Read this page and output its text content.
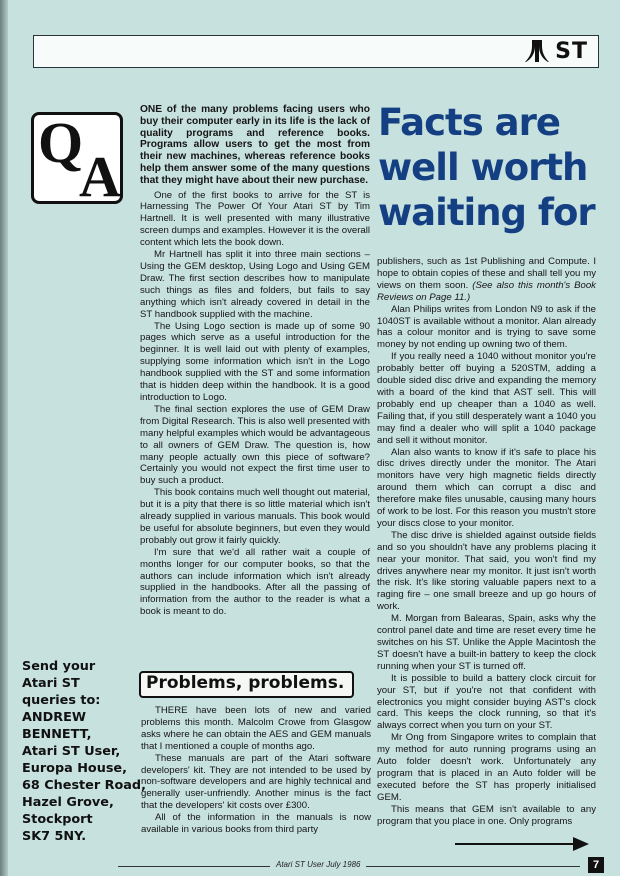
ST
Q
A

ONE of the many problems facing users who buy their computer early in its life is the lack of quality programs and reference books. Programs allow users to get the most from their new machines, whereas reference books help them answer some of the many questions that they might have about their new purchase.

One of the first books to arrive for the ST is Harnessing The Power Of Your Atari ST by Tim Hartnell. It is well presented with many illustrative screen dumps and examples. However it is the overall content which lets the book down.

Mr Hartnell has split it into three main sections – Using the GEM desktop, Using Logo and Using GEM Draw. The first section describes how to manipulate such things as files and folders, but fails to say anything which isn't already covered in detail in the ST handbook supplied with the machine.

The Using Logo section is made up of some 90 pages which serve as a useful introduction for the beginner. It is well laid out with plenty of examples, supplying some information which isn't in the Logo handbook supplied with the ST and some information that is hidden deep within the handbook. It is a good introduction to Logo.

The final section explores the use of GEM Draw from Digital Research. This is also well presented with many helpful examples which would be advantageous to all owners of GEM Draw. The question is, how many people actually own this piece of software? Certainly you would not expect the first time user to buy such a product.

This book contains much well thought out material, but it is a pity that there is so little material which isn't already supplied in various manuals. This book would be useful for absolute beginners, but even they would probably out grow it fairly quickly.

I'm sure that we'd all rather wait a couple of months longer for our computer books, so that the authors can include information which isn't already supplied in the handbooks. After all the passing of information from the author to the reader is what a book is meant to do.

Facts are
well worth
waiting for
Problems, problems.

THERE have been lots of new and varied problems this month. Malcolm Crowe from Glasgow asks where he can obtain the AES and GEM manuals that I mentioned a couple of months ago.

These manuals are part of the Atari software developers' kit. They are not intended to be used by non-software developers and are highly technical and generally user-unfriendly. Another minus is the fact that the developers' kit costs over £300.

All of the information in the manuals is now available in various books from third party

publishers, such as 1st Publishing and Compute. I hope to obtain copies of these and shall tell you my views on them soon. (See also this month's Book Reviews on Page 11.)

Alan Philips writes from London N9 to ask if the 1040ST is available without a monitor. Alan already has a colour monitor and is trying to save some money by not ending up owning two of them.

If you really need a 1040 without monitor you're probably better off buying a 520STM, adding a double sided disc drive and expanding the memory with a board of the kind that AST sell. This will probably end up cheaper than a 1040 as well. Failing that, if you still desperately want a 1040 you may find a dealer who will split a 1040 package and sell it without monitor.

Alan also wants to know if it's safe to place his disc drives directly under the monitor. The Atari monitors have very high magnetic fields directly around them which can corrupt a disc and therefore make files unusable, causing many hours of work to be lost. For this reason you mustn't store your discs close to your monitor.

The disc drive is shielded against outside fields and so you shouldn't have any problems placing it near your monitor. That said, you won't find my drives anywhere near my monitor. It just isn't worth the risk. It's like storing valuable papers next to a raging fire – one small breeze and up go hours of work.

M. Morgan from Balearas, Spain, asks why the control panel date and time are reset every time he switches on his ST. Unlike the Apple Macintosh the ST doesn't have a built-in battery to keep the clock running when your ST is turned off.

It is possible to build a battery clock circuit for your ST, but if you're not that confident with electronics you might consider buying AST's clock card. This keeps the clock running, so that it's always correct when you turn on your ST.

Mr Ong from Singapore writes to complain that my method for auto running programs using an Auto folder doesn't work. Unfortunately any program that is placed in an Auto folder will be executed before the ST has properly initialised GEM.

This means that GEM isn't available to any program that you place in one. Only programs

Send your
Atari ST
queries to:
ANDREW
BENNETT,
Atari ST User,
Europa House,
68 Chester Road,
Hazel Grove,
Stockport
SK7 5NY.
Atari ST User July 1986	7
